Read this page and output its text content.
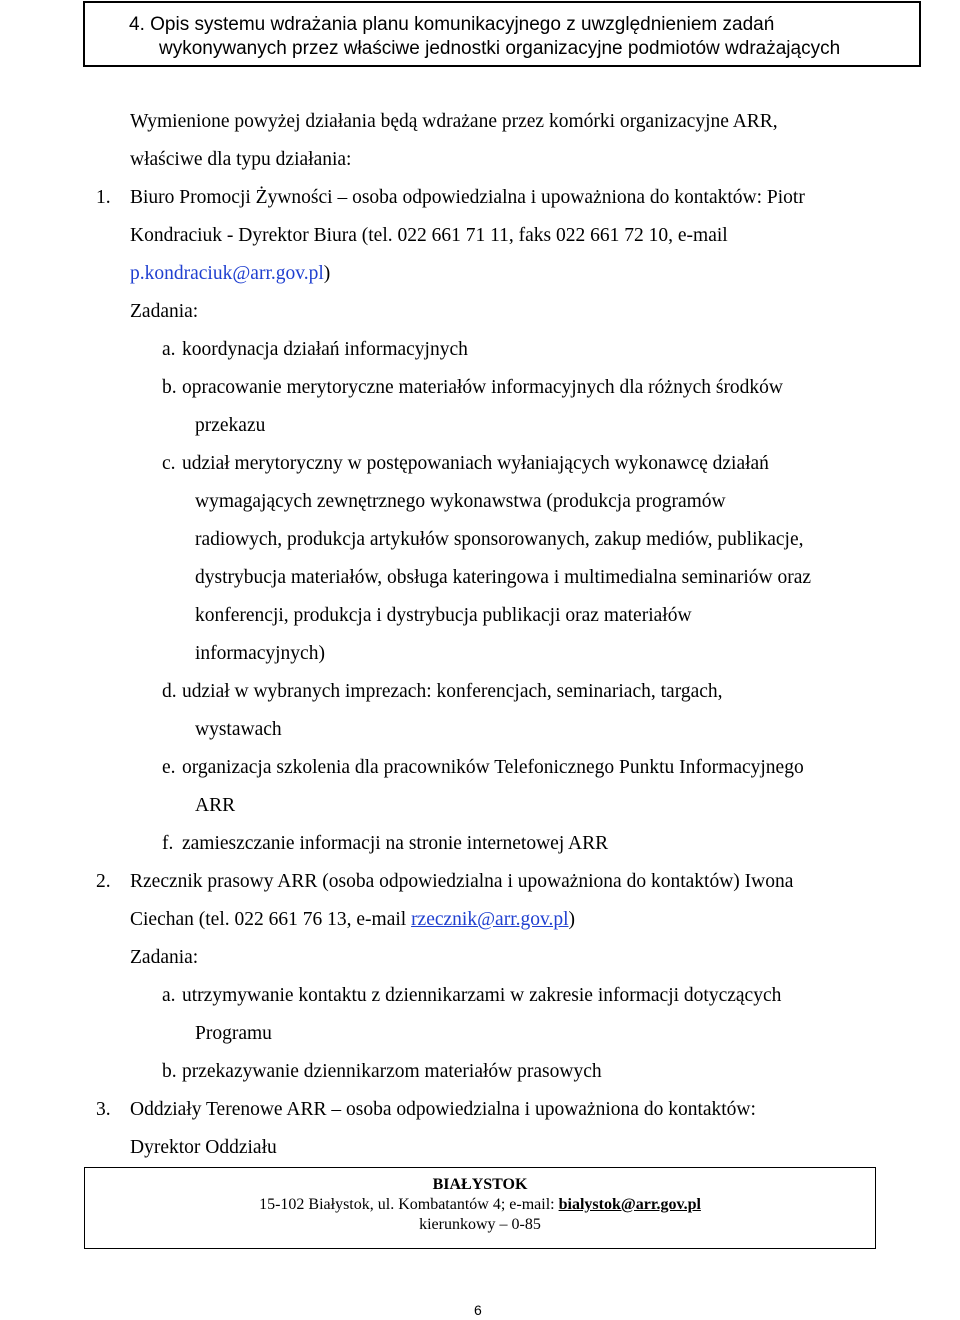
4. Opis systemu wdrażania planu komunikacyjnego z uwzględnieniem zadań
wykonywanych przez właściwe jednostki organizacyjne podmiotów wdrażających
Wymienione powyżej działania będą wdrażane przez komórki organizacyjne ARR,
właściwe dla typu działania:
1. Biuro Promocji Żywności – osoba odpowiedzialna i upoważniona do kontaktów: Piotr
Kondraciuk - Dyrektor Biura (tel. 022 661 71 11, faks 022 661 72 10, e-mail
p.kondraciuk@arr.gov.pl)
Zadania:
a. koordynacja działań informacyjnych
b. opracowanie merytoryczne materiałów informacyjnych dla różnych środków
przekazu
c. udział merytoryczny w postępowaniach wyłaniających wykonawcę działań
wymagających zewnętrznego wykonawstwa (produkcja programów
radiowych, produkcja artykułów sponsorowanych, zakup mediów, publikacje,
dystrybucja materiałów, obsługa kateringowa i multimedialna seminariów oraz
konferencji, produkcja i dystrybucja publikacji oraz materiałów
informacyjnych)
d. udział w wybranych imprezach: konferencjach, seminariach, targach,
wystawach
e. organizacja szkolenia dla pracowników Telefonicznego Punktu Informacyjnego
ARR
f. zamieszczanie informacji na stronie internetowej ARR
2. Rzecznik prasowy ARR (osoba odpowiedzialna i upoważniona do kontaktów) Iwona
Ciechan (tel. 022 661 76 13, e-mail rzecznik@arr.gov.pl)
Zadania:
a. utrzymywanie kontaktu z dziennikarzami w zakresie informacji dotyczących
Programu
b. przekazywanie dziennikarzom materiałów prasowych
3. Oddziały Terenowe ARR – osoba odpowiedzialna i upoważniona do kontaktów:
Dyrektor Oddziału
BIAŁYSTOK
15-102 Białystok, ul. Kombatantów 4; e-mail: bialystok@arr.gov.pl
kierunkowy – 0-85
6
